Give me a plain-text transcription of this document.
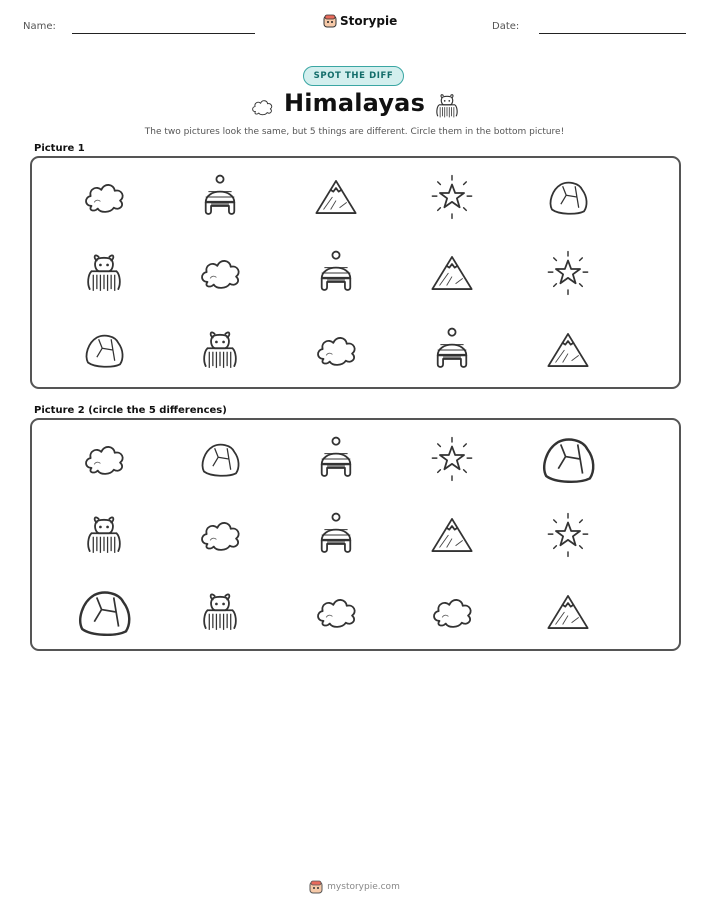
Name:	Storypie	Date:
SPOT THE DIFF
Himalayas
The two pictures look the same, but 5 things are different. Circle them in the bottom picture!
Picture 1
Picture 2 (circle the 5 differences)
mystorypie.com
